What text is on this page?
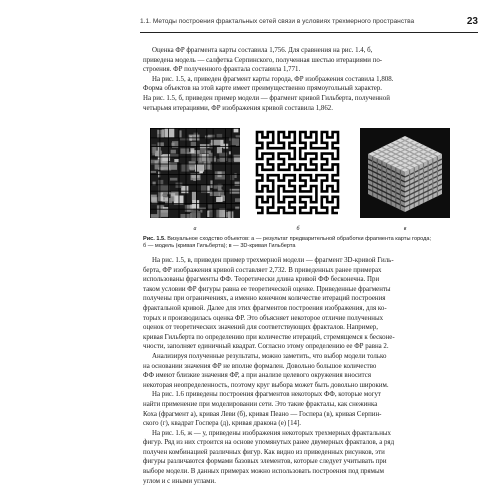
1.1. Методы построения фрактальных сетей связи в условиях трехмерного пространства	23

Оценка ФР фрагмента карты составила 1,756. Для сравнения на рис. 1.4, б,

приведена модель — салфетка Серпинского, полученная шестью итерациями по-

строения. ФР полученного фрактала составила 1,771.

На рис. 1.5, а, приведен фрагмент карты города, ФР изображения составила 1,808.

Форма объектов на этой карте имеет преимущественно прямоугольный характер.

На рис. 1.5, б, приведен пример модели — фрагмент кривой Гильберта, полученной

четырьмя итерациями, ФР изображения кривой составила 1,862.

а	б	в
Рис. 1.5. Визуальное сходство объектов: а — результат предварительной обработки фрагмента карты города;
б — модель (кривая Гильберта); в — 3D-кривая Гильберта

На рис. 1.5, в, приведен пример трехмерной модели — фрагмент 3D-кривой Гиль-

берта, ФР изображения кривой составляет 2,732. В приведенных ранее примерах

использованы фрагменты ФФ. Теоретически длина кривой ФФ бесконечна. При

таком условии ФР фигуры равна ее теоретической оценке. Приведенные фрагменты

получены при ограничениях, а именно конечном количестве итераций построения

фрактальной кривой. Далее для этих фрагментов построения изображения, для ко-

торых и производилась оценка ФР. Это объясняет некоторое отличие полученных

оценок от теоретических значений для соответствующих фракталов. Например,

кривая Гильберта по определению при количестве итераций, стремящемся к бесконе-

чности, заполняет единичный квадрат. Согласно этому определению ее ФР равна 2.

Анализируя полученные результаты, можно заметить, что выбор модели только

на основании значения ФР не вполне формален. Довольно большое количество

ФФ имеют близкие значения ФР, а при анализе целевого окружения вносится

некоторая неопределенность, поэтому круг выбора может быть довольно широким.

На рис. 1.6 приведены построения фрагментов некоторых ФФ, которые могут

найти применение при моделировании сети. Это такие фракталы, как снежинка

Коха (фрагмент а), кривая Леви (б), кривая Пеано — Госпера (в), кривая Серпин-

ского (г), квадрат Госпера (д), кривая дракона (е) [14].

На рис. 1.6, ж — у, приведены изображения некоторых трехмерных фрактальных

фигур. Ряд из них строится на основе упомянутых ранее двумерных фракталов, а ряд

получен комбинацией различных фигур. Как видно из приведенных рисунков, эти

фигуры различаются формами базовых элементов, которые следует учитывать при

выборе модели. В данных примерах можно использовать построения под прямым

углом и с иными углами.
